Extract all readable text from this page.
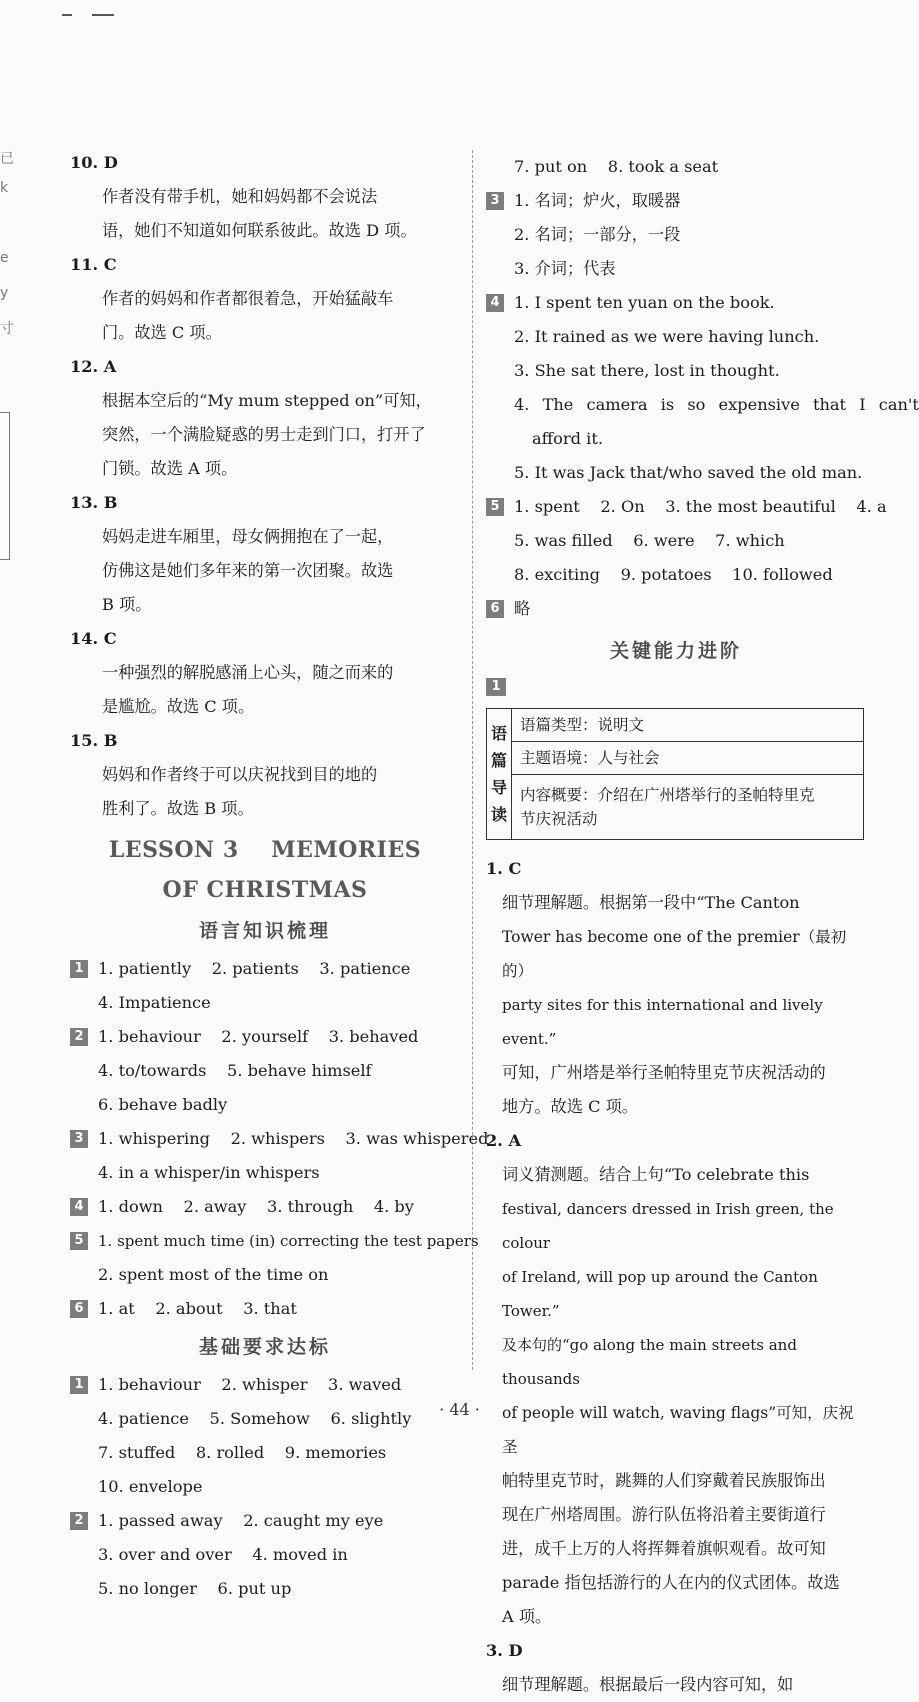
已
k
e
y
寸

10. D
作者没有带手机，她和妈妈都不会说法
语，她们不知道如何联系彼此。故选 D 项。

11. C
作者的妈妈和作者都很着急，开始猛敲车
门。故选 C 项。

12. A
根据本空后的“My mum stepped on”可知，
突然，一个满脸疑惑的男士走到门口，打开了
门锁。故选 A 项。

13. B
妈妈走进车厢里，母女俩拥抱在了一起，
仿佛这是她们多年来的第一次团聚。故选
B 项。

14. C
一种强烈的解脱感涌上心头，随之而来的
是尴尬。故选 C 项。

15. B
妈妈和作者终于可以庆祝找到目的地的
胜利了。故选 B 项。

LESSON 3    MEMORIES
OF CHRISTMAS
语言知识梳理
1 1. patiently    2. patients    3. patience
4. Impatience
2 1. behaviour    2. yourself    3. behaved
4. to/towards    5. behave himself
6. behave badly
3 1. whispering    2. whispers    3. was whispered
4. in a whisper/in whispers
4 1. down    2. away    3. through    4. by
5 1. spent much time (in) correcting the test papers
2. spent most of the time on
6 1. at    2. about    3. that
基础要求达标
1 1. behaviour    2. whisper    3. waved
4. patience    5. Somehow    6. slightly
7. stuffed    8. rolled    9. memories
10. envelope
2 1. passed away    2. caught my eye
3. over and over    4. moved in
5. no longer    6. put up
7. put on    8. took a seat
3 1. 名词；炉火，取暖器
2. 名词；一部分，一段
3. 介词；代表
4 1. I spent ten yuan on the book.
2. It rained as we were having lunch.
3. She sat there, lost in thought.
4. The camera is so expensive that I can't
afford it.
5. It was Jack that/who saved the old man.
5 1. spent    2. On    3. the most beautiful    4. a
5. was filled    6. were    7. which
8. exciting    9. potatoes    10. followed
6 略
关键能力进阶
1
语
篇
导
读
	语篇类型：说明文
主题语境：人与社会

内容概要：介绍在广州塔举行的圣帕特里克
节庆祝活动

1. C
细节理解题。根据第一段中“The Canton
Tower has become one of the premier（最初的）
party sites for this international and lively event.”
可知，广州塔是举行圣帕特里克节庆祝活动的
地方。故选 C 项。

2. A
词义猜测题。结合上句“To celebrate this
festival, dancers dressed in Irish green, the colour
of Ireland, will pop up around the Canton Tower.”
及本句的“go along the main streets and thousands
of people will watch, waving flags”可知，庆祝圣
帕特里克节时，跳舞的人们穿戴着民族服饰出
现在广州塔周围。游行队伍将沿着主要街道行
进，成千上万的人将挥舞着旗帜观看。故可知
parade 指包括游行的人在内的仪式团体。故选
A 项。

3. D
细节理解题。根据最后一段内容可知，如

· 44 ·
